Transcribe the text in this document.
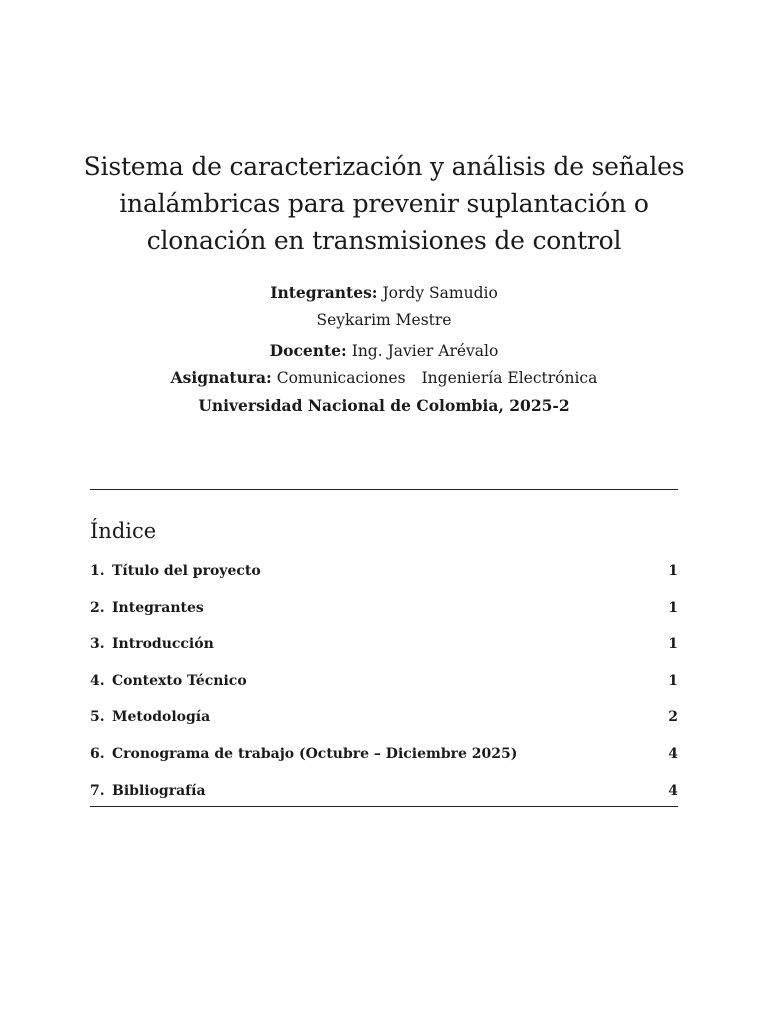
Sistema de caracterización y análisis de señales
inalámbricas para prevenir suplantación o
clonación en transmisiones de control

Integrantes: Jordy Samudio

Seykarim Mestre

Docente: Ing. Javier Arévalo

Asignatura: Comunicaciones Ingeniería Electrónica

Universidad Nacional de Colombia, 2025-2

Índice
1. Título del proyecto	1
2. Integrantes	1
3. Introducción	1
4. Contexto Técnico	1
5. Metodología	2
6. Cronograma de trabajo (Octubre – Diciembre 2025)	4
7. Bibliografía	4
